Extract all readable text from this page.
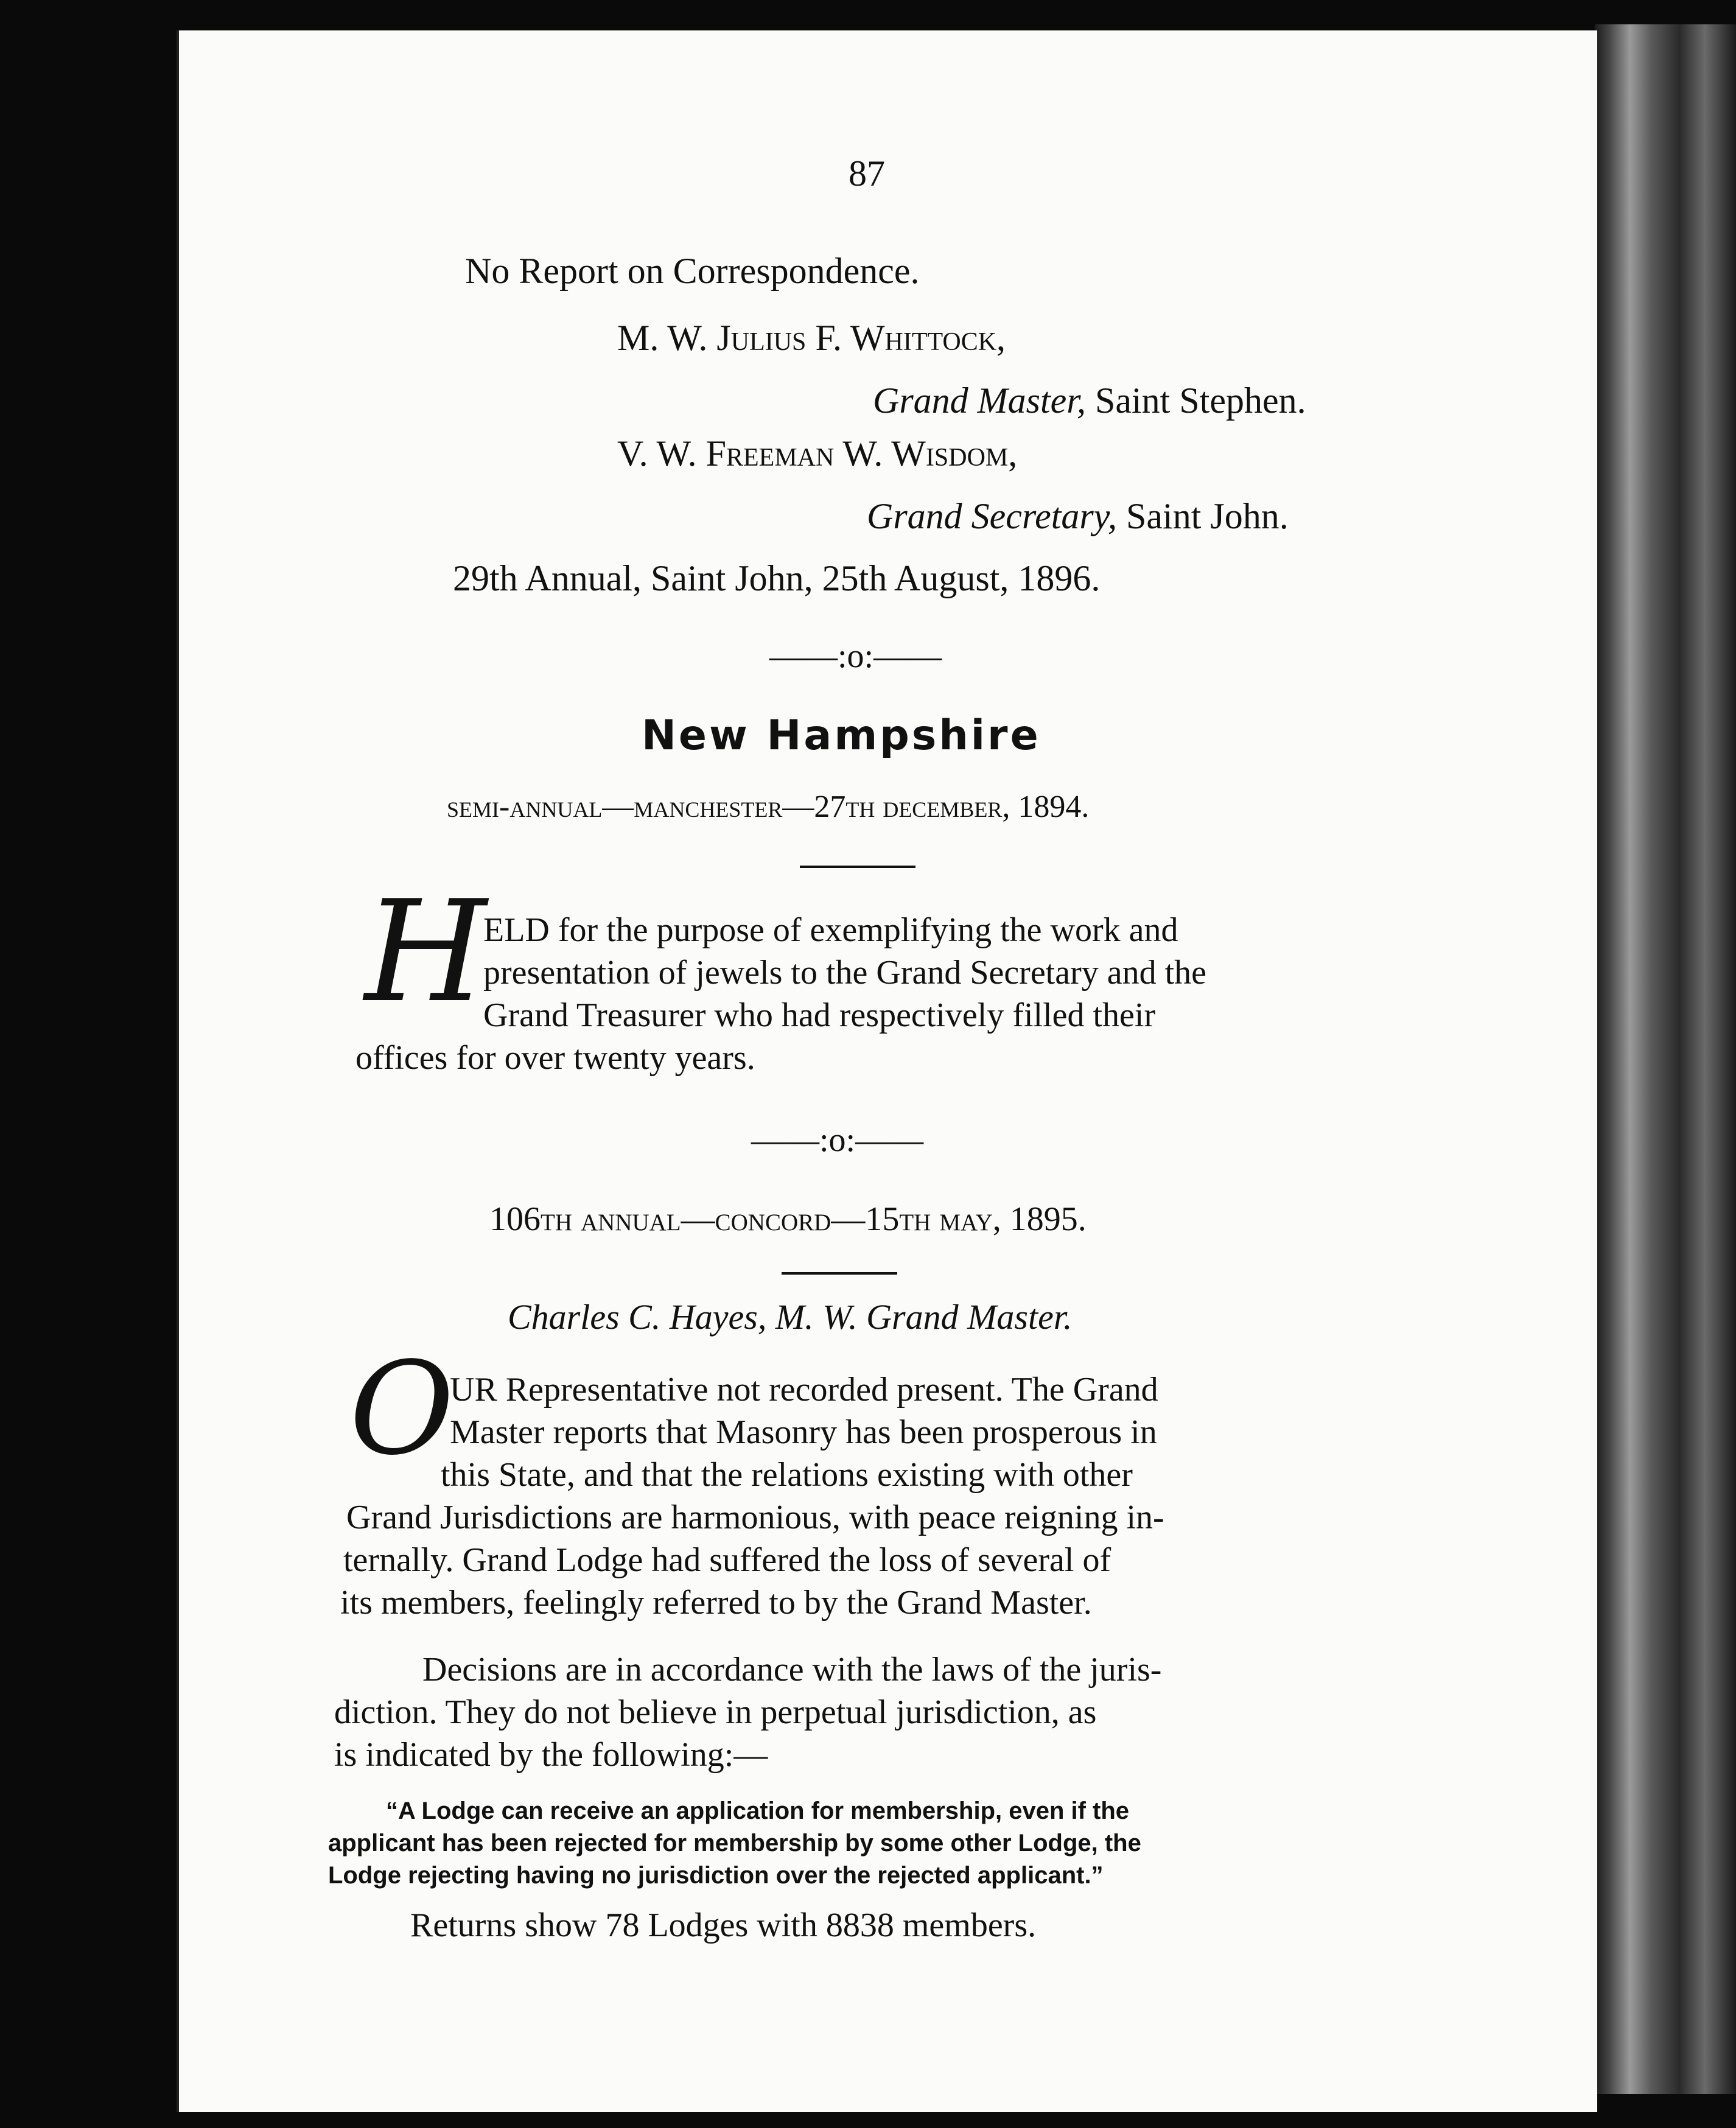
87
No Report on Correspondence.
M. W. Julius F. Whittock,
Grand Master, Saint Stephen.
V. W. Freeman W. Wisdom,
Grand Secretary, Saint John.
29th Annual, Saint John, 25th August, 1896.
——:o:——
New Hampshire
semi-annual—manchester—27th december, 1894.
H
ELD for the purpose of exemplifying the work and
presentation of jewels to the Grand Secretary and the
Grand Treasurer who had respectively filled their
offices for over twenty years.
——:o:——
106th annual—concord—15th may, 1895.
Charles C. Hayes, M. W. Grand Master.
O
UR Representative not recorded present. The Grand
Master reports that Masonry has been prosperous in
this State, and that the relations existing with other
Grand Jurisdictions are harmonious, with peace reigning in-
ternally. Grand Lodge had suffered the loss of several of
its members, feelingly referred to by the Grand Master.
Decisions are in accordance with the laws of the juris-
diction. They do not believe in perpetual jurisdiction, as
is indicated by the following:—
“A Lodge can receive an application for membership, even if the
applicant has been rejected for membership by some other Lodge, the
Lodge rejecting having no jurisdiction over the rejected applicant.”
Returns show 78 Lodges with 8838 members.
